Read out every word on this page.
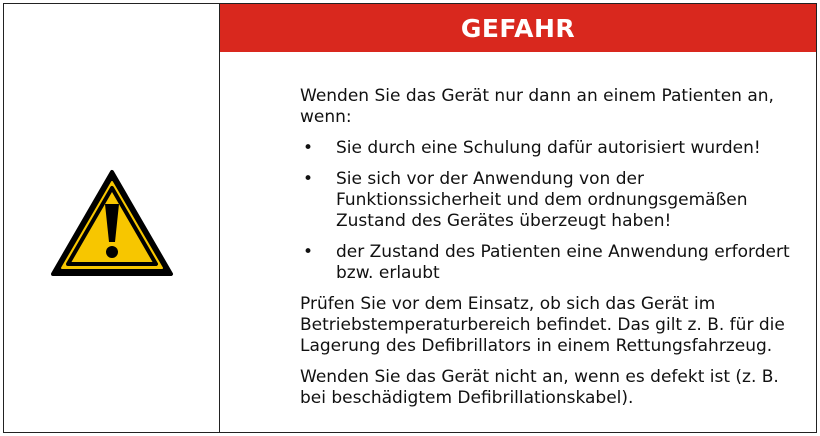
GEFAHR

Wenden Sie das Gerät nur dann an einem Patienten an, wenn:

• Sie durch eine Schulung dafür autorisiert wurden!
• Sie sich vor der Anwendung von der Funktionssicherheit und dem ordnungsgemäßen Zustand des Gerätes überzeugt haben!
• der Zustand des Patienten eine Anwendung erfordert bzw. erlaubt

Prüfen Sie vor dem Einsatz, ob sich das Gerät im Betriebstemperaturbereich befindet. Das gilt z. B. für die Lagerung des Defibrillators in einem Rettungsfahrzeug.

Wenden Sie das Gerät nicht an, wenn es defekt ist (z. B. bei beschädigtem Defibrillationskabel).
